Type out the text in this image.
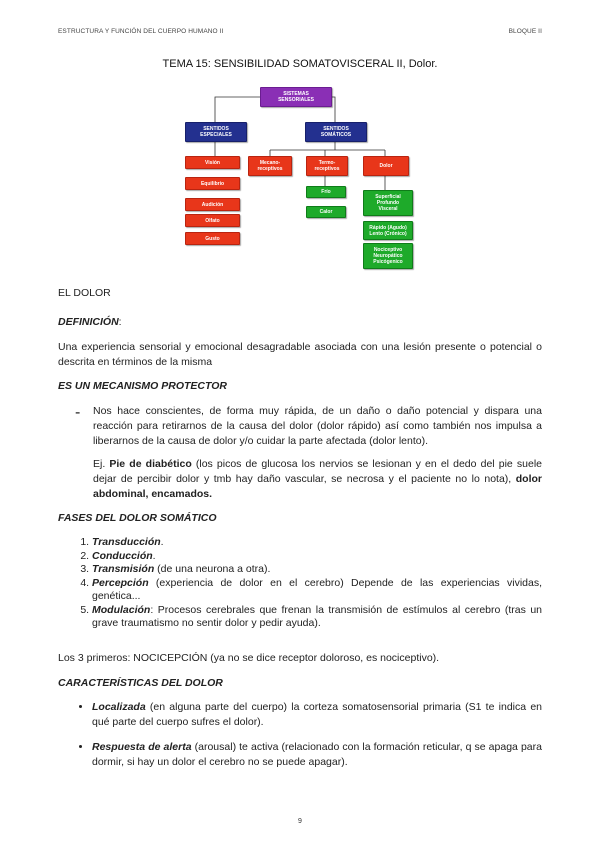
ESTRUCTURA Y FUNCIÓN DEL CUERPO HUMANO II	BLOQUE II
TEMA 15: SENSIBILIDAD SOMATOVISCERAL II, Dolor.
SISTEMAS
SENSORIALES
SENTIDOS
ESPECIALES
SENTIDOS
SOMÁTICOS
Visión
Equilibrio
Audición
Olfato
Gusto
Mecano-
receptivos
Termo-
receptivos	Dolor
Frío
Calor
Superficial
Profundo
Visceral
Rápido (Agudo)
Lento (Crónico)
Nociceptivo
Neuropático
Psicógenico
EL DOLOR
DEFINICIÓN:
Una experiencia sensorial y emocional desagradable asociada con una lesión presente o potencial o descrita en términos de la misma
ES UN MECANISMO PROTECTOR
- Nos hace conscientes, de forma muy rápida, de un daño o daño potencial y dispara una reacción para retirarnos de la causa del dolor (dolor rápido) así como también nos impulsa a liberarnos de la causa de dolor y/o cuidar la parte afectada (dolor lento).
Ej. Pie de diabético (los picos de glucosa los nervios se lesionan y en el dedo del pie suele dejar de percibir dolor y tmb hay daño vascular, se necrosa y el paciente no lo nota), dolor abdominal, encamados.
FASES DEL DOLOR SOMÁTICO
1. Transducción.
2. Conducción.
3. Transmisión (de una neurona a otra).
4. Percepción (experiencia de dolor en el cerebro) Depende de las experiencias vividas, genética...
5. Modulación: Procesos cerebrales que frenan la transmisión de estímulos al cerebro (tras un grave traumatismo no sentir dolor y pedir ayuda).
Los 3 primeros: NOCICEPCIÓN (ya no se dice receptor doloroso, es nociceptivo).
CARACTERÍSTICAS DEL DOLOR
• Localizada (en alguna parte del cuerpo) la corteza somatosensorial primaria (S1 te indica en qué parte del cuerpo sufres el dolor).
• Respuesta de alerta (arousal) te activa (relacionado con la formación reticular, q se apaga para dormir, si hay un dolor el cerebro no se puede apagar).
9
